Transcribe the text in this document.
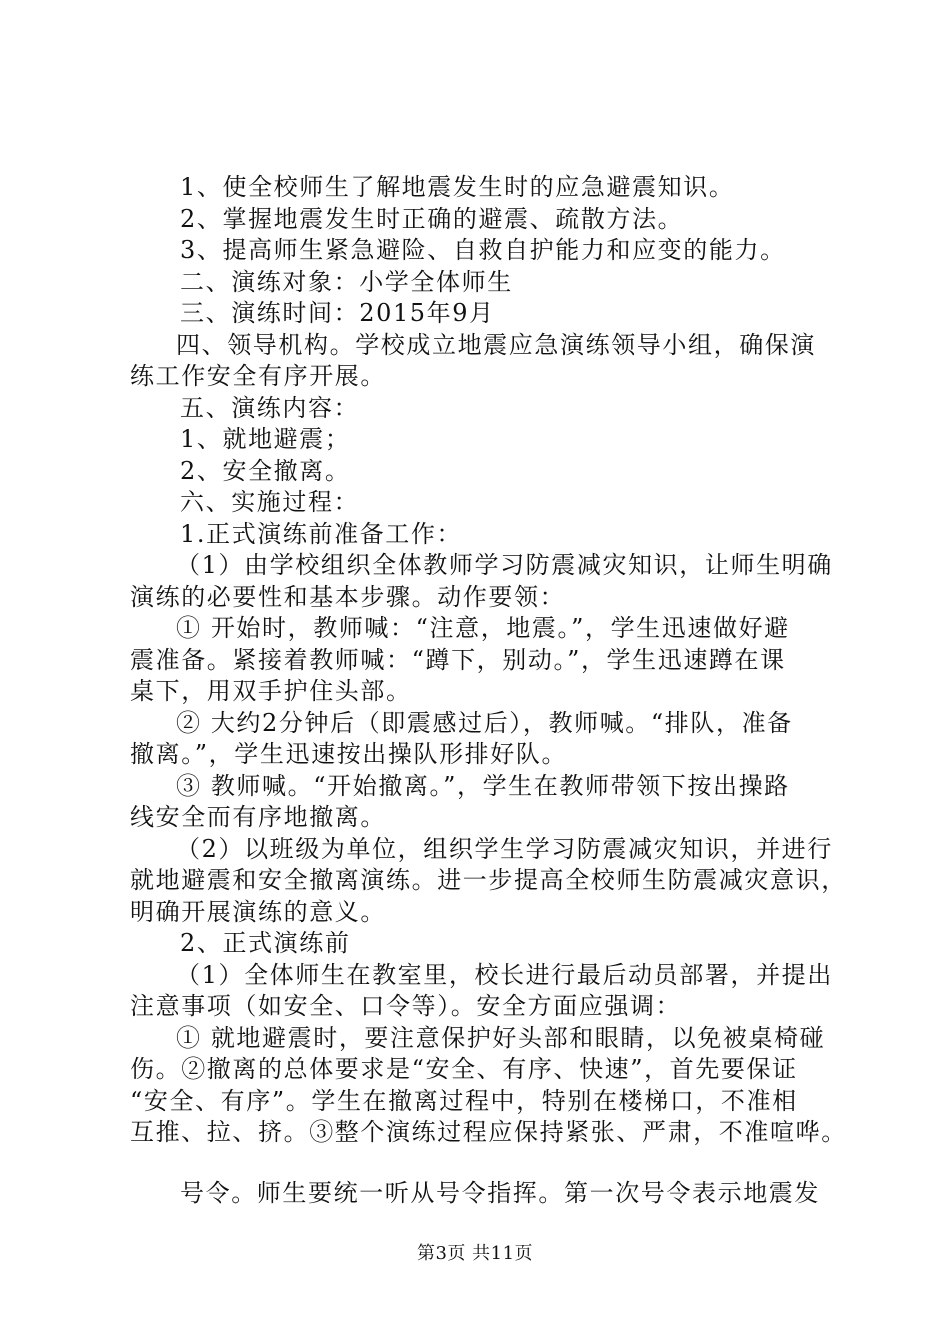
1、使全校师生了解地震发生时的应急避震知识。
2、掌握地震发生时正确的避震、疏散方法。
3、提高师生紧急避险、自救自护能力和应变的能力。
二、演练对象：小学全体师生
三、演练时间：2015年9月
四、领导机构。学校成立地震应急演练领导小组，确保演
练工作安全有序开展。
五、演练内容：
1、就地避震；
2、安全撤离。
六、实施过程：
1.正式演练前准备工作：
（1）由学校组织全体教师学习防震减灾知识，让师生明确
演练的必要性和基本步骤。动作要领：
① 开始时，教师喊：“注意，地震。”，学生迅速做好避
震准备。紧接着教师喊：“蹲下，别动。”，学生迅速蹲在课
桌下，用双手护住头部。
② 大约2分钟后（即震感过后），教师喊。“排队，准备
撤离。”，学生迅速按出操队形排好队。
③ 教师喊。“开始撤离。”，学生在教师带领下按出操路
线安全而有序地撤离。
（2）以班级为单位，组织学生学习防震减灾知识，并进行
就地避震和安全撤离演练。进一步提高全校师生防震减灾意识，
明确开展演练的意义。
2、正式演练前
（1）全体师生在教室里，校长进行最后动员部署，并提出
注意事项（如安全、口令等）。安全方面应强调：
① 就地避震时，要注意保护好头部和眼睛，以免被桌椅碰
伤。②撤离的总体要求是“安全、有序、快速”，首先要保证
“安全、有序”。学生在撤离过程中，特别在楼梯口，不准相
互推、拉、挤。③整个演练过程应保持紧张、严肃，不准喧哗。
号令。师生要统一听从号令指挥。第一次号令表示地震发
第3页 共11页
